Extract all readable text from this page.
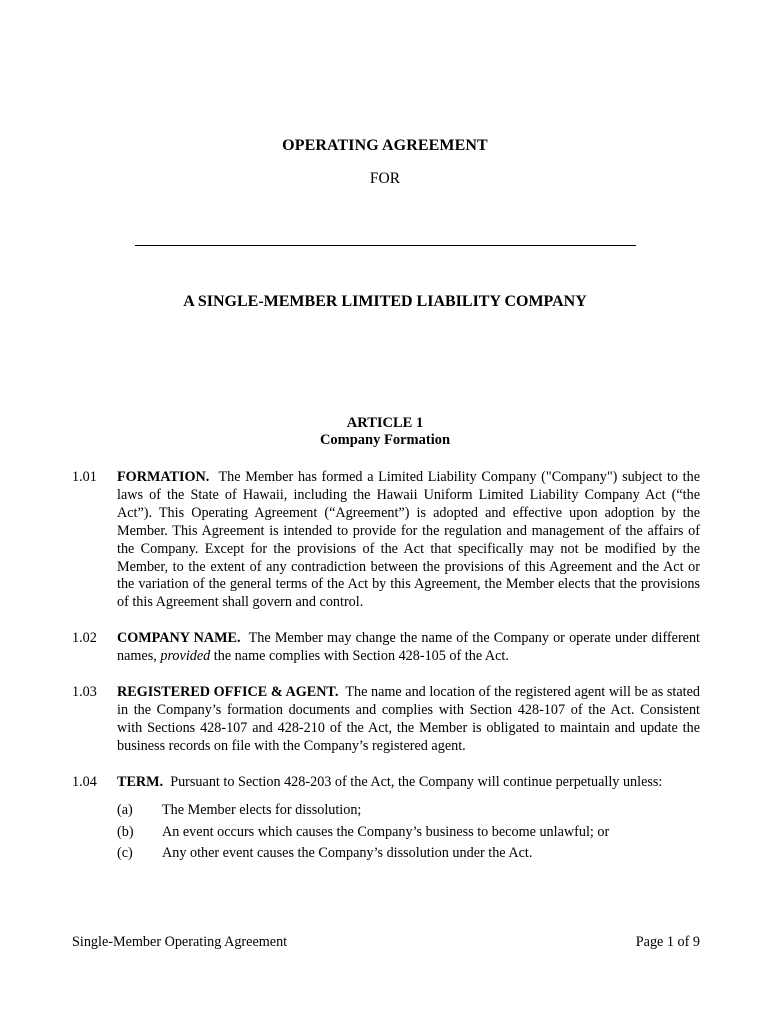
OPERATING AGREEMENT
FOR
A SINGLE-MEMBER LIMITED LIABILITY COMPANY
ARTICLE 1
Company Formation
1.01 FORMATION. The Member has formed a Limited Liability Company ("Company") subject to the laws of the State of Hawaii, including the Hawaii Uniform Limited Liability Company Act (“the Act”). This Operating Agreement (“Agreement”) is adopted and effective upon adoption by the Member. This Agreement is intended to provide for the regulation and management of the affairs of the Company. Except for the provisions of the Act that specifically may not be modified by the Member, to the extent of any contradiction between the provisions of this Agreement and the Act or the variation of the general terms of the Act by this Agreement, the Member elects that the provisions of this Agreement shall govern and control.
1.02 COMPANY NAME. The Member may change the name of the Company or operate under different names, provided the name complies with Section 428-105 of the Act.
1.03 REGISTERED OFFICE & AGENT. The name and location of the registered agent will be as stated in the Company’s formation documents and complies with Section 428-107 of the Act. Consistent with Sections 428-107 and 428-210 of the Act, the Member is obligated to maintain and update the business records on file with the Company’s registered agent.
1.04 TERM. Pursuant to Section 428-203 of the Act, the Company will continue perpetually unless:
(a) The Member elects for dissolution;
(b) An event occurs which causes the Company’s business to become unlawful; or
(c) Any other event causes the Company’s dissolution under the Act.
Single-Member Operating Agreement	Page 1 of 9
